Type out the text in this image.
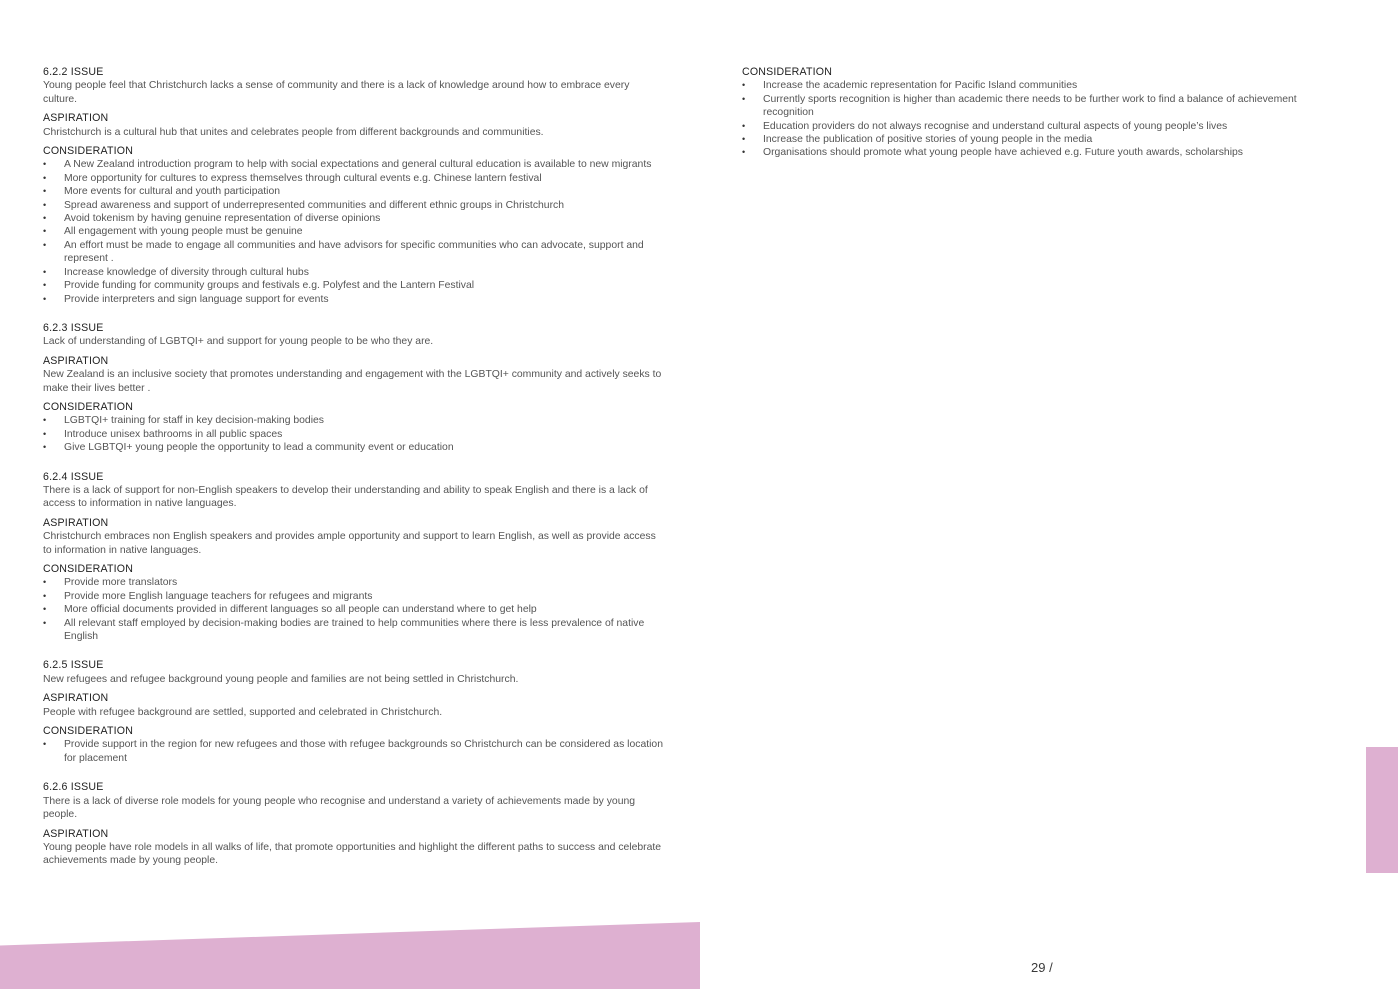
6.2.2 ISSUE
Young people feel that Christchurch lacks a sense of community and there is a lack of knowledge around how to embrace every culture.
ASPIRATION
Christchurch is a cultural hub that unites and celebrates people from different backgrounds and communities.
CONSIDERATION
• A New Zealand introduction program to help with social expectations and general cultural education is available to new migrants
• More opportunity for cultures to express themselves through cultural events e.g. Chinese lantern festival
• More events for cultural and youth participation
• Spread awareness and support of underrepresented communities and different ethnic groups in Christchurch
• Avoid tokenism by having genuine representation of diverse opinions
• All engagement with young people must be genuine
• An effort must be made to engage all communities and have advisors for specific communities who can advocate, support and represent .
• Increase knowledge of diversity through cultural hubs
• Provide funding for community groups and festivals e.g. Polyfest and the Lantern Festival
• Provide interpreters and sign language support for events
6.2.3 ISSUE
Lack of understanding of LGBTQI+ and support for young people to be who they are.
ASPIRATION
New Zealand is an inclusive society that promotes understanding and engagement with the LGBTQI+ community and actively seeks to make their lives better .
CONSIDERATION
• LGBTQI+ training for staff in key decision-making bodies
• Introduce unisex bathrooms in all public spaces
• Give LGBTQI+ young people the opportunity to lead a community event or education
6.2.4 ISSUE
There is a lack of support for non-English speakers to develop their understanding and ability to speak English and there is a lack of access to information in native languages.
ASPIRATION
Christchurch embraces non English speakers and provides ample opportunity and support to learn English, as well as provide access to information in native languages.
CONSIDERATION
• Provide more translators
• Provide more English language teachers for refugees and migrants
• More official documents provided in different languages so all people can understand where to get help
• All relevant staff employed by decision-making bodies are trained to help communities where there is less prevalence of native English
6.2.5 ISSUE
New refugees and refugee background young people and families are not being settled in Christchurch.
ASPIRATION
People with refugee background are settled, supported and celebrated in Christchurch.
CONSIDERATION
• Provide support in the region for new refugees and those with refugee backgrounds so Christchurch can be considered as location for placement
6.2.6 ISSUE
There is a lack of diverse role models for young people who recognise and understand a variety of achievements made by young people.
ASPIRATION
Young people have role models in all walks of life, that promote opportunities and highlight the different paths to success and celebrate achievements made by young people.
CONSIDERATION
• Increase the academic representation for Pacific Island communities
• Currently sports recognition is higher than academic there needs to be further work to find a balance of achievement recognition
• Education providers do not always recognise and understand cultural aspects of young people’s lives
• Increase the publication of positive stories of young people in the media
• Organisations should promote what young people have achieved e.g. Future youth awards, scholarships
29 /
